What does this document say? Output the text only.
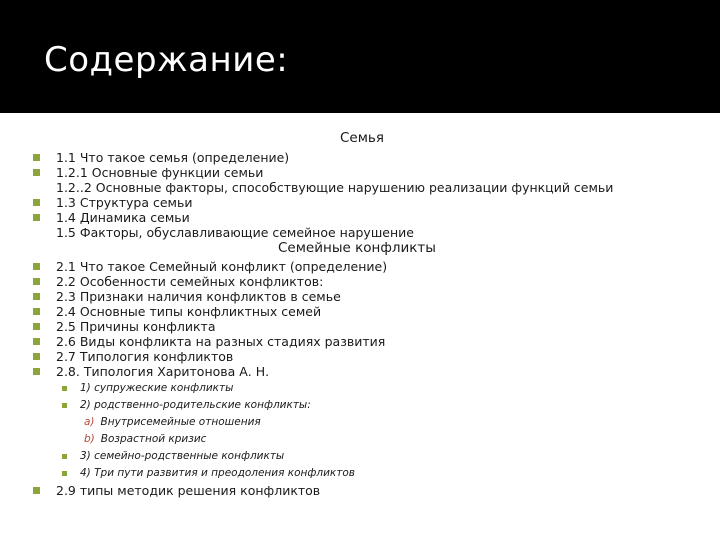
Содержание:
Семья
1.1 Что такое семья (определение)
1.2.1 Основные функции семьи
1.2..2 Основные факторы, способствующие нарушению реализации функций семьи
1.3 Структура семьи
1.4 Динамика семьи
1.5 Факторы, обуславливающие семейное нарушение
Семейные конфликты
2.1 Что такое Семейный конфликт (определение)
2.2 Особенности семейных конфликтов:
2.3 Признаки наличия конфликтов в семье
2.4 Основные типы конфликтных семей
2.5 Причины конфликта
2.6 Виды конфликта на разных стадиях развития
2.7 Типология конфликтов
2.8. Типология Харитонова А. Н.
1) супружеские конфликты
2) родственно-родительские конфликты:
a) Внутрисемейные отношения
b) Возрастной кризис
3) семейно-родственные конфликты
4) Три пути развития и преодоления конфликтов
2.9 типы методик решения конфликтов
